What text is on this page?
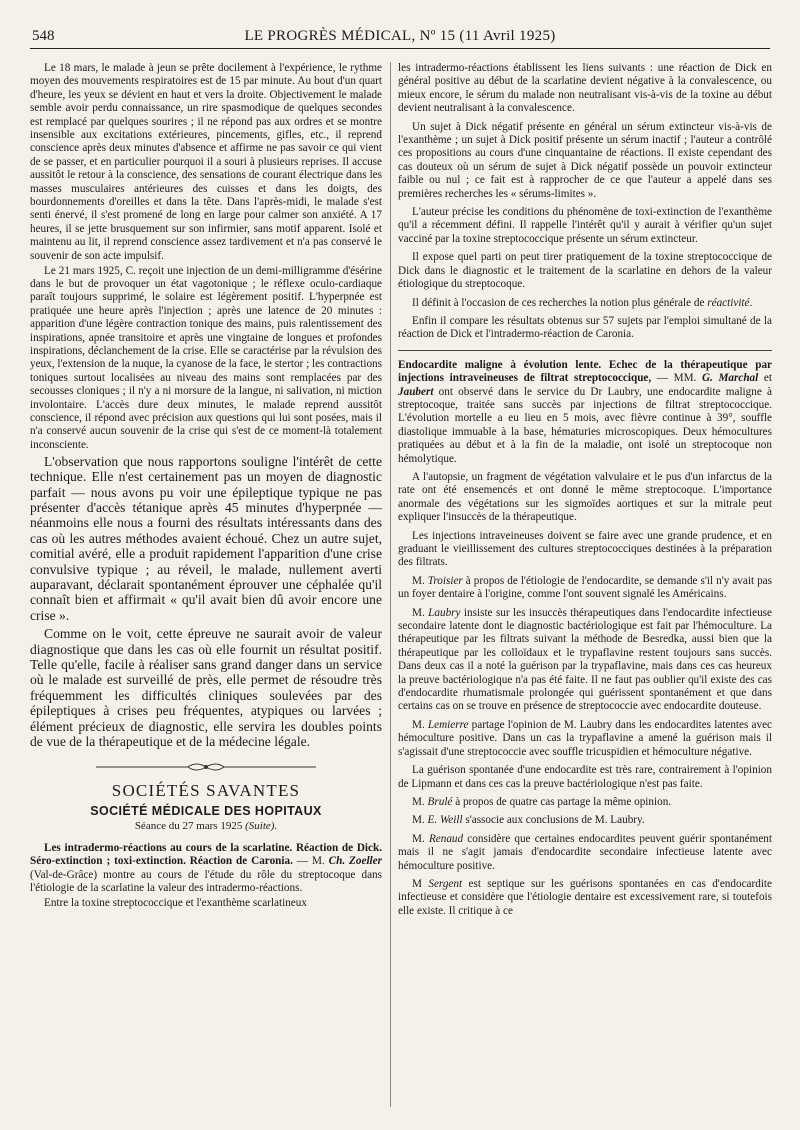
548	LE PROGRÈS MÉDICAL, Nº 15 (11 Avril 1925)

Le 18 mars, le malade à jeun se prête docilement à l'expérience, le rythme moyen des mouvements respiratoires est de 15 par minute. Au bout d'un quart d'heure, les yeux se dévient en haut et vers la droite. Objectivement le malade semble avoir perdu connaissance, un rire spasmodique de quelques secondes est remplacé par quelques sourires ; il ne répond pas aux ordres et se montre insensible aux excitations extérieures, pincements, gifles, etc., il reprend conscience après deux minutes d'absence et affirme ne pas savoir ce qui vient de se passer, et en particulier pourquoi il a souri à plusieurs reprises. Il accuse aussitôt le retour à la conscience, des sensations de courant électrique dans les masses musculaires antérieures des cuisses et dans les doigts, des bourdonnements d'oreilles et dans la tête. Dans l'après-midi, le malade s'est senti énervé, il s'est promené de long en large pour calmer son anxiété. A 17 heures, il se jette brusquement sur son infirmier, sans motif apparent. Isolé et maintenu au lit, il reprend conscience assez tardivement et n'a pas conservé le souvenir de son acte impulsif.

Le 21 mars 1925, C. reçoit une injection de un demi-milligramme d'ésérine dans le but de provoquer un état vagotonique ; le réflexe oculo-cardiaque paraît toujours supprimé, le solaire est légèrement positif. L'hyperpnée est pratiquée une heure après l'injection ; après une latence de 20 minutes : apparition d'une légère contraction tonique des mains, puis ralentissement des inspirations, apnée transitoire et après une vingtaine de longues et profondes inspirations, déclanchement de la crise. Elle se caractérise par la révulsion des yeux, l'extension de la nuque, la cyanose de la face, le stertor ; les contractions toniques surtout localisées au niveau des mains sont remplacées par des secousses cloniques ; il n'y a ni morsure de la langue, ni salivation, ni miction involontaire. L'accès dure deux minutes, le malade reprend aussitôt conscience, il répond avec précision aux questions qui lui sont posées, mais il n'a conservé aucun souvenir de la crise qui s'est de ce moment-là totalement inconsciente.

L'observation que nous rapportons souligne l'intérêt de cette technique. Elle n'est certainement pas un moyen de diagnostic parfait — nous avons pu voir une épileptique typique ne pas présenter d'accès tétanique après 45 minutes d'hyperpnée — néanmoins elle nous a fourni des résultats intéressants dans des cas où les autres méthodes avaient échoué. Chez un autre sujet, comitial avéré, elle a produit rapidement l'apparition d'une crise convulsive typique ; au réveil, le malade, nullement averti auparavant, déclarait spontanément éprouver une céphalée qu'il connaît bien et affirmait « qu'il avait bien dû avoir encore une crise ».

Comme on le voit, cette épreuve ne saurait avoir de valeur diagnostique que dans les cas où elle fournit un résultat positif. Telle qu'elle, facile à réaliser sans grand danger dans un service où le malade est surveillé de près, elle permet de résoudre très fréquemment les difficultés cliniques soulevées par des épileptiques à crises peu fréquentes, atypiques ou larvées ; élément précieux de diagnostic, elle servira les doubles points de vue de la thérapeutique et de la médecine légale.

SOCIÉTÉS SAVANTES
SOCIÉTÉ MÉDICALE DES HOPITAUX
Séance du 27 mars 1925 (Suite).

Les intradermo-réactions au cours de la scarlatine. Réaction de Dick. Séro-extinction ; toxi-extinction. Réaction de Caronia. — M. Ch. Zoeller (Val-de-Grâce) montre au cours de l'étude du rôle du streptocoque dans l'étiologie de la scarlatine la valeur des intradermo-réactions.

Entre la toxine streptococcique et l'exanthème scarlatineux

les intradermo-réactions établissent les liens suivants : une réaction de Dick en général positive au début de la scarlatine devient négative à la convalescence, ou mieux encore, le sérum du malade non neutralisant vis-à-vis de la toxine au début devient neutralisant à la convalescence.

Un sujet à Dick négatif présente en général un sérum extincteur vis-à-vis de l'exanthème ; un sujet à Dick positif présente un sérum inactif ; l'auteur a contrôlé ces propositions au cours d'une cinquantaine de réactions. Il existe cependant des cas douteux où un sérum de sujet à Dick négatif possède un pouvoir extincteur faible ou nul ; ce fait est à rapprocher de ce que l'auteur a appelé dans ses premières recherches les « sérums-limites ».

L'auteur précise les conditions du phénomène de toxi-extinction de l'exanthème qu'il a récemment défini. Il rappelle l'intérêt qu'il y aurait à vérifier qu'un sujet vacciné par la toxine streptococcique présente un sérum extincteur.

Il expose quel parti on peut tirer pratiquement de la toxine streptococcique de Dick dans le diagnostic et le traitement de la scarlatine en dehors de la valeur étiologique du streptocoque.

Il définit à l'occasion de ces recherches la notion plus générale de réactivité.

Enfin il compare les résultats obtenus sur 57 sujets par l'emploi simultané de la réaction de Dick et l'intradermo-réaction de Caronia.

Endocardite maligne à évolution lente. Echec de la thérapeutique par injections intraveineuses de filtrat streptococcique, — MM. G. Marchal et Jaubert ont observé dans le service du Dr Laubry, une endocardite maligne à streptocoque, traitée sans succès par injections de filtrat streptococcique. L'évolution mortelle a eu lieu en 5 mois, avec fièvre continue à 39°, souffle diastolique immuable à la base, hématuries microscopiques. Deux hémocultures pratiquées au début et à la fin de la maladie, ont isolé un streptocoque non hémolytique.

A l'autopsie, un fragment de végétation valvulaire et le pus d'un infarctus de la rate ont été ensemencés et ont donné le même streptocoque. L'importance anormale des végétations sur les sigmoïdes aortiques et sur la mitrale peut expliquer l'insuccès de la thérapeutique.

Les injections intraveineuses doivent se faire avec une grande prudence, et en graduant le vieillissement des cultures streptococciques destinées à la préparation des filtrats.

M. Troisier à propos de l'étiologie de l'endocardite, se demande s'il n'y avait pas un foyer dentaire à l'origine, comme l'ont souvent signalé les Américains.

M. Laubry insiste sur les insuccès thérapeutiques dans l'endocardite infectieuse secondaire latente dont le diagnostic bactériologique est fait par l'hémoculture. La thérapeutique par les filtrats suivant la méthode de Besredka, aussi bien que la thérapeutique par les colloïdaux et le trypaflavine restent toujours sans succès. Dans deux cas il a noté la guérison par la trypaflavine, mais dans ces cas heureux la preuve bactériologique n'a pas été faite. Il ne faut pas oublier qu'il existe des cas d'endocardite rhumatismale prolongée qui guérissent spontanément et que dans certains cas on se trouve en présence de streptococcie avec endocardite douteuse.

M. Lemierre partage l'opinion de M. Laubry dans les endocardites latentes avec hémoculture positive. Dans un cas la trypaflavine a amené la guérison mais il s'agissait d'une streptococcie avec souffle tricuspidien et hémoculture négative.

La guérison spontanée d'une endocardite est très rare, contrairement à l'opinion de Lipmann et dans ces cas la preuve bactériologique n'est pas faite.

M. Brulé à propos de quatre cas partage la même opinion.

M. E. Weill s'associe aux conclusions de M. Laubry.

M. Renaud considère que certaines endocardites peuvent guérir spontanément mais il ne s'agit jamais d'endocardite secondaire infectieuse latente avec hémoculture positive.

M Sergent est septique sur les guérisons spontanées en cas d'endocardite infectieuse et considère que l'étiologie dentaire est excessivement rare, si toutefois elle existe. Il critique à ce
